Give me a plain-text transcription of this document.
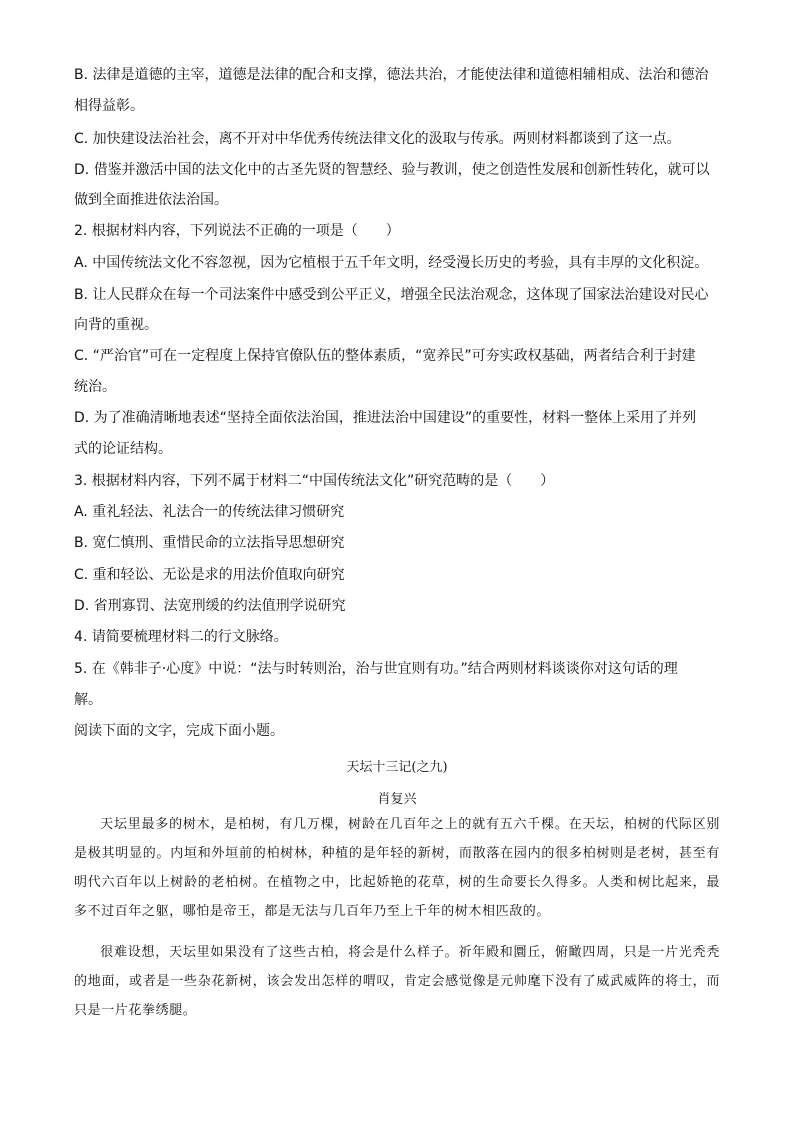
B. 法律是道德的主宰，道德是法律的配合和支撑，德法共治，才能使法律和道德相辅相成、法治和德治
相得益彰。
C. 加快建设法治社会，离不开对中华优秀传统法律文化的汲取与传承。两则材料都谈到了这一点。
D. 借鉴并激活中国的法文化中的古圣先贤的智慧经、验与教训，使之创造性发展和创新性转化，就可以
做到全面推进依法治国。
2. 根据材料内容，下列说法不正确的一项是（　　）
A. 中国传统法文化不容忽视，因为它植根于五千年文明，经受漫长历史的考验，具有丰厚的文化积淀。
B. 让人民群众在每一个司法案件中感受到公平正义，增强全民法治观念，这体现了国家法治建设对民心
向背的重视。
C. “严治官”可在一定程度上保持官僚队伍的整体素质，“宽养民”可夯实政权基础，两者结合利于封建
统治。
D. 为了准确清晰地表述“坚持全面依法治国，推进法治中国建设”的重要性，材料一整体上采用了并列
式的论证结构。
3. 根据材料内容，下列不属于材料二“中国传统法文化”研究范畴的是（　　）
A. 重礼轻法、礼法合一的传统法律习惯研究
B. 宽仁慎刑、重惜民命的立法指导思想研究
C. 重和轻讼、无讼是求的用法价值取向研究
D. 省刑寡罚、法宽刑缓的约法值刑学说研究
4. 请简要梳理材料二的行文脉络。
5. 在《韩非子·心度》中说：“法与时转则治，治与世宜则有功。”结合两则材料谈谈你对这句话的理
解。
阅读下面的文字，完成下面小题。
天坛十三记(之九)
肖复兴
天坛里最多的树木，是柏树，有几万棵，树龄在几百年之上的就有五六千棵。在天坛，柏树的代际区别是极其明显的。内垣和外垣前的柏树林，种植的是年轻的新树，而散落在园内的很多柏树则是老树，甚至有明代六百年以上树龄的老柏树。在植物之中，比起娇艳的花草，树的生命要长久得多。人类和树比起来，最多不过百年之躯，哪怕是帝王，都是无法与几百年乃至上千年的树木相匹敌的。
很难设想，天坛里如果没有了这些古柏，将会是什么样子。祈年殿和圜丘，俯瞰四周，只是一片光秃秃的地面，或者是一些杂花新树，该会发出怎样的喟叹，肯定会感觉像是元帅麾下没有了威武威阵的将士，而只是一片花拳绣腿。
